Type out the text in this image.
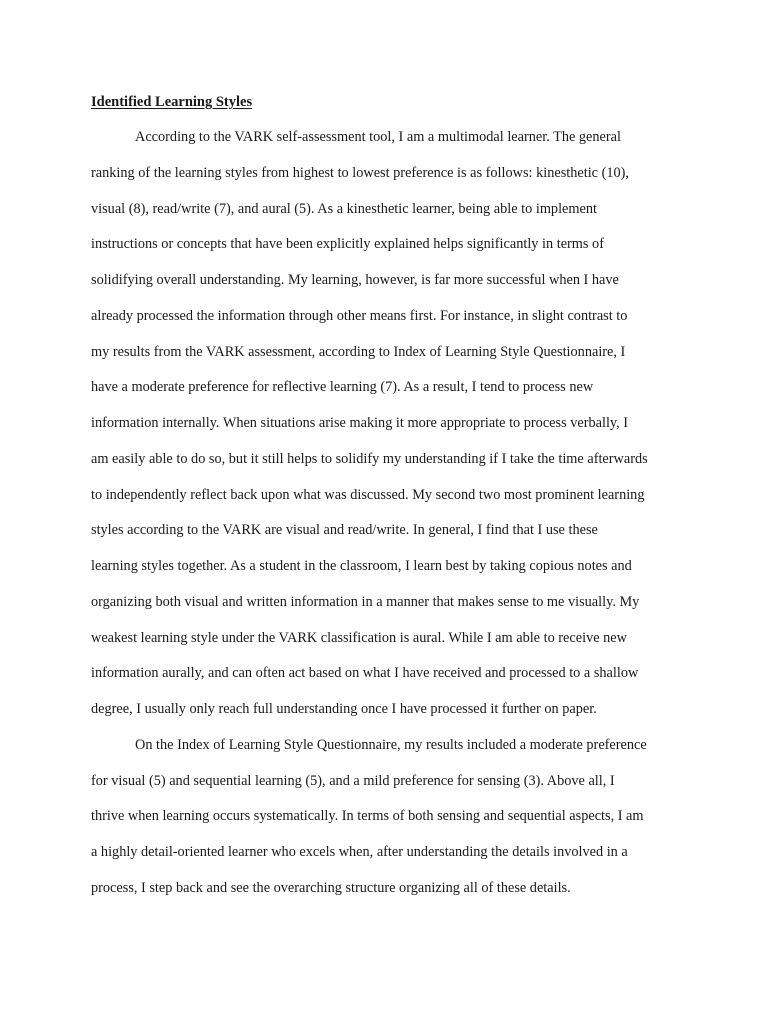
Identified Learning Styles
According to the VARK self-assessment tool, I am a multimodal learner. The general
ranking of the learning styles from highest to lowest preference is as follows: kinesthetic (10),
visual (8), read/write (7), and aural (5). As a kinesthetic learner, being able to implement
instructions or concepts that have been explicitly explained helps significantly in terms of
solidifying overall understanding. My learning, however, is far more successful when I have
already processed the information through other means first. For instance, in slight contrast to
my results from the VARK assessment, according to Index of Learning Style Questionnaire, I
have a moderate preference for reflective learning (7). As a result, I tend to process new
information internally. When situations arise making it more appropriate to process verbally, I
am easily able to do so, but it still helps to solidify my understanding if I take the time afterwards
to independently reflect back upon what was discussed. My second two most prominent learning
styles according to the VARK are visual and read/write. In general, I find that I use these
learning styles together. As a student in the classroom, I learn best by taking copious notes and
organizing both visual and written information in a manner that makes sense to me visually. My
weakest learning style under the VARK classification is aural. While I am able to receive new
information aurally, and can often act based on what I have received and processed to a shallow
degree, I usually only reach full understanding once I have processed it further on paper.
On the Index of Learning Style Questionnaire, my results included a moderate preference
for visual (5) and sequential learning (5), and a mild preference for sensing (3). Above all, I
thrive when learning occurs systematically. In terms of both sensing and sequential aspects, I am
a highly detail-oriented learner who excels when, after understanding the details involved in a
process, I step back and see the overarching structure organizing all of these details.
